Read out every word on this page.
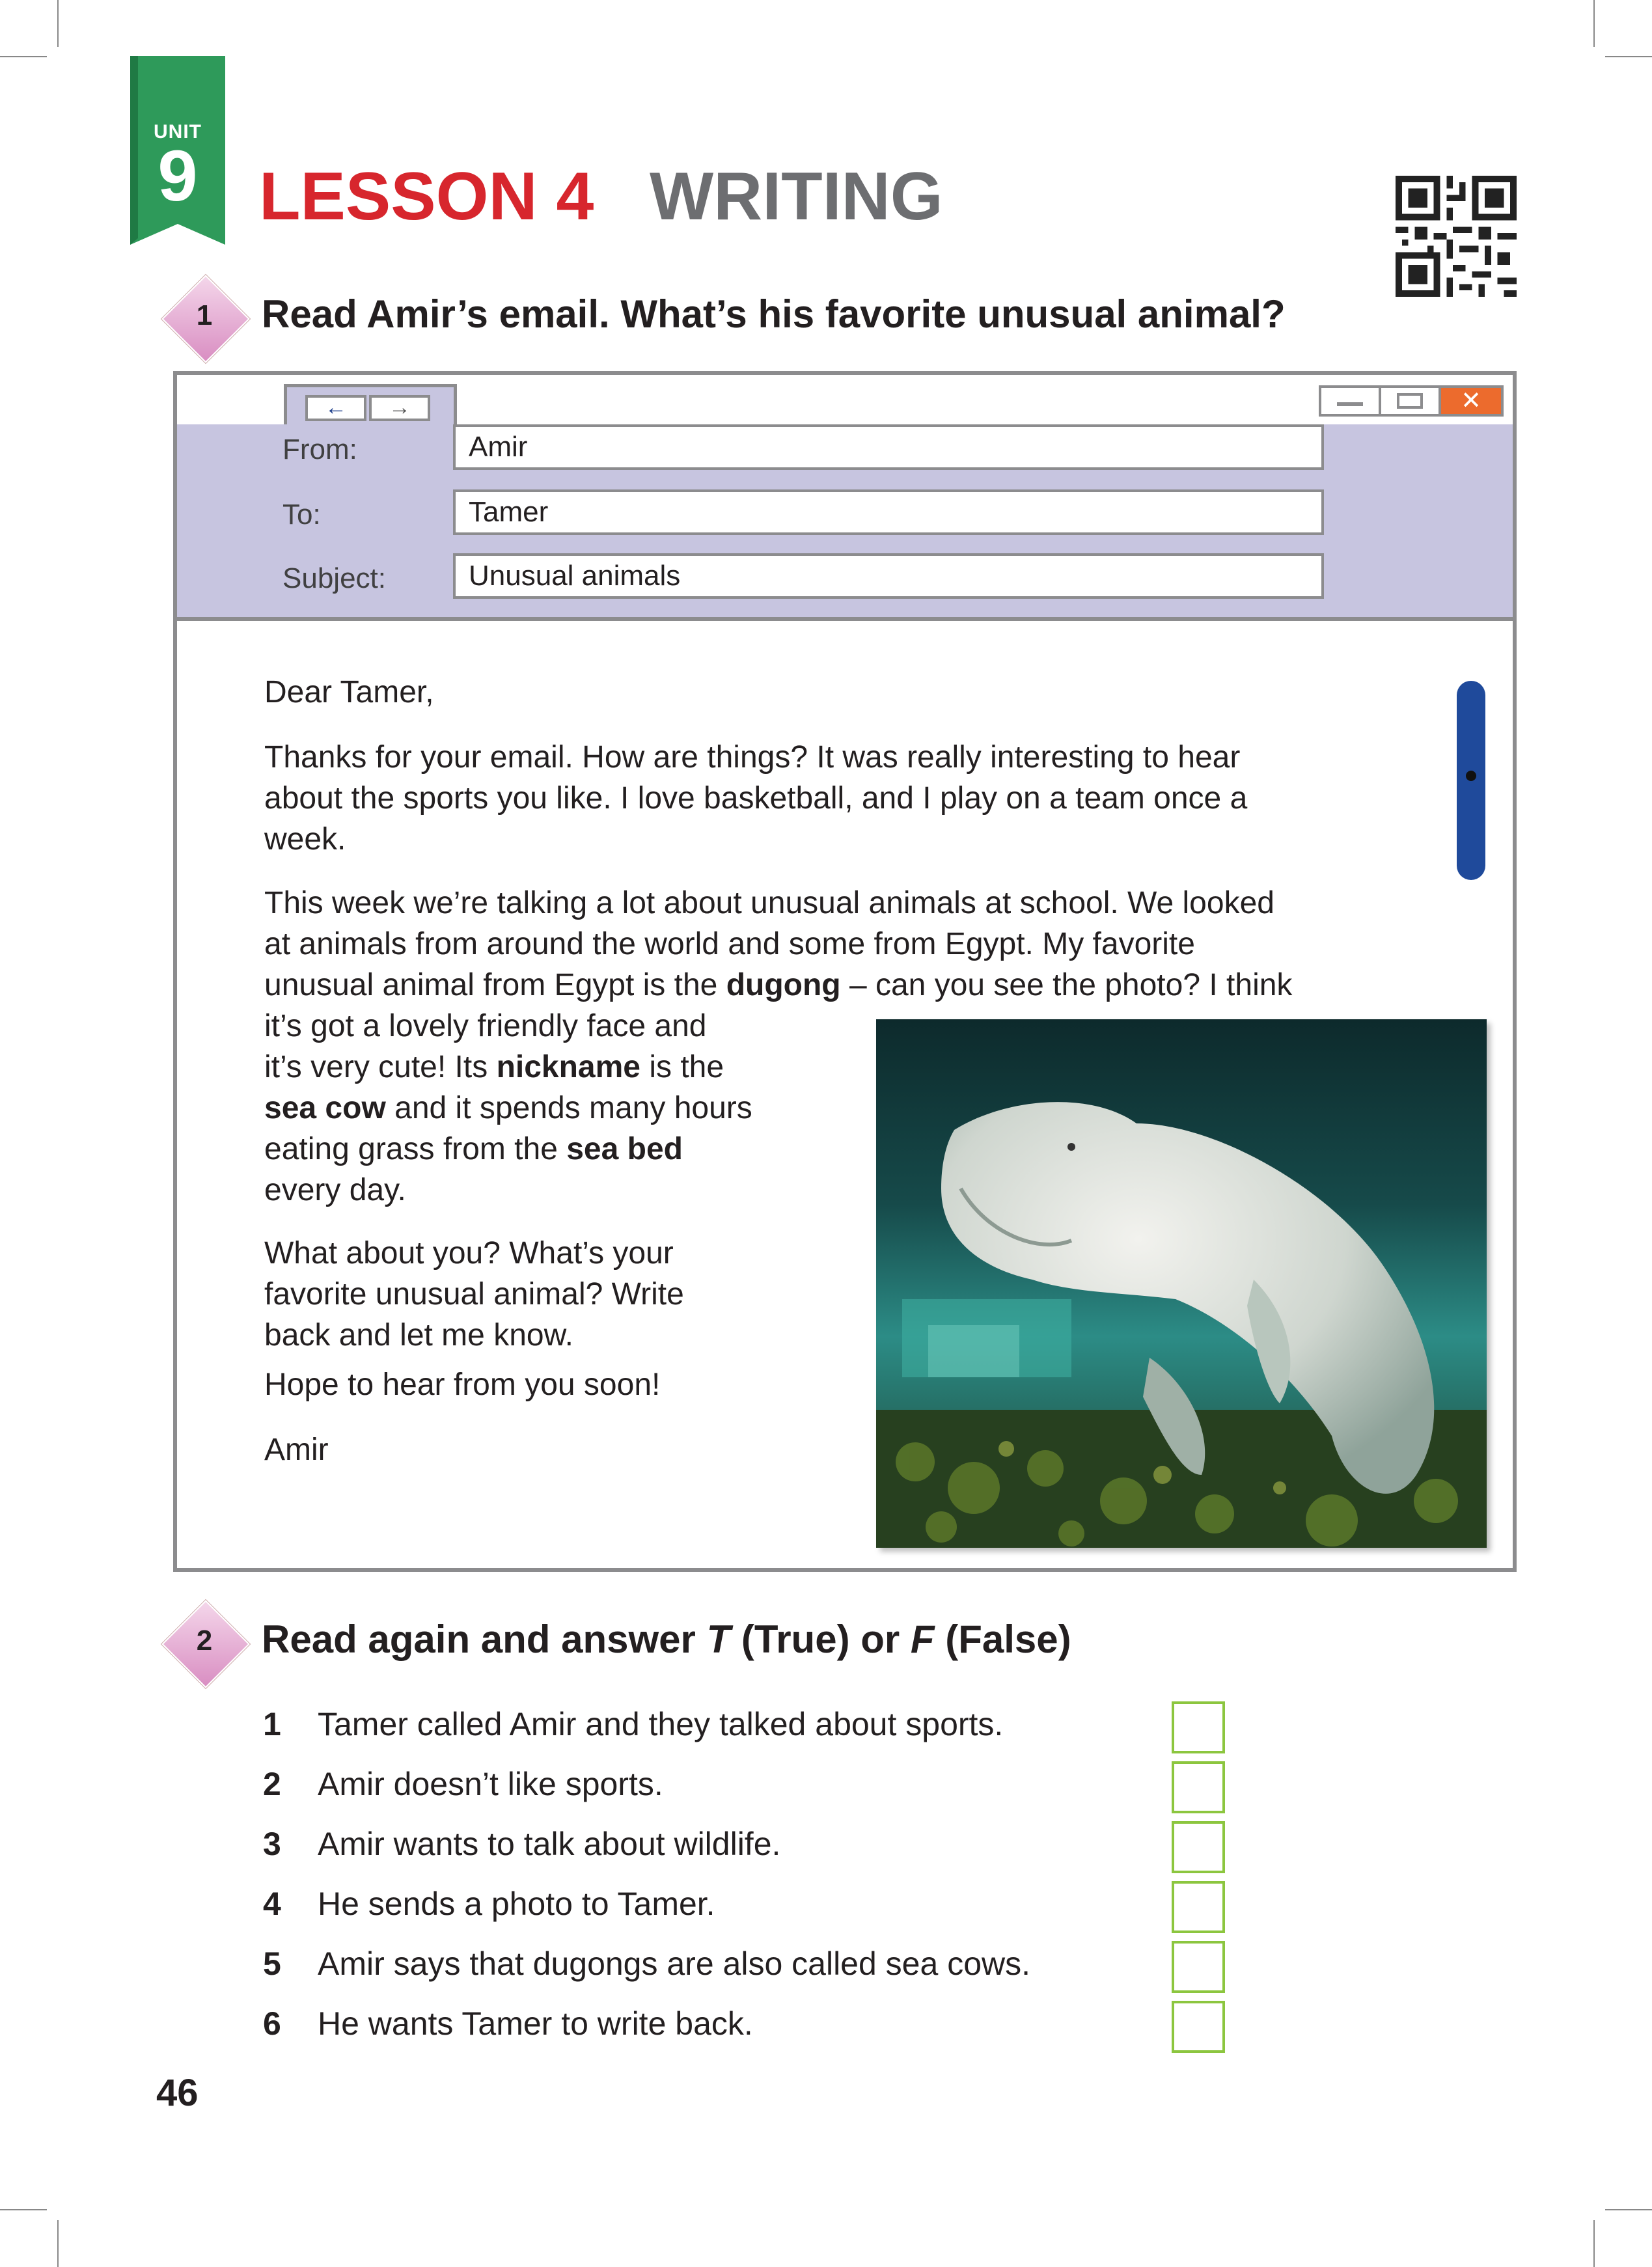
UNIT
9 LESSON 4 WRITING
1	Read Amir’s email. What’s his favorite unusual animal?
←	→	✕
From:	Amir
To:	Tamer
Subject:	Unusual animals
Dear Tamer,
Thanks for your email. How are things? It was really interesting to hear
about the sports you like. I love basketball, and I play on a team once a
week.
This week we’re talking a lot about unusual animals at school. We looked
at animals from around the world and some from Egypt. My favorite
unusual animal from Egypt is the dugong – can you see the photo? I think
it’s got a lovely friendly face and
it’s very cute! Its nickname is the
sea cow and it spends many hours
eating grass from the sea bed
every day.
What about you? What’s your
favorite unusual animal? Write
back and let me know.
Hope to hear from you soon!
Amir
2	Read again and answer T (True) or F (False)
1 Tamer called Amir and they talked about sports.
2 Amir doesn’t like sports.
3 Amir wants to talk about wildlife.
4 He sends a photo to Tamer.
5 Amir says that dugongs are also called sea cows.
6 He wants Tamer to write back.
46
